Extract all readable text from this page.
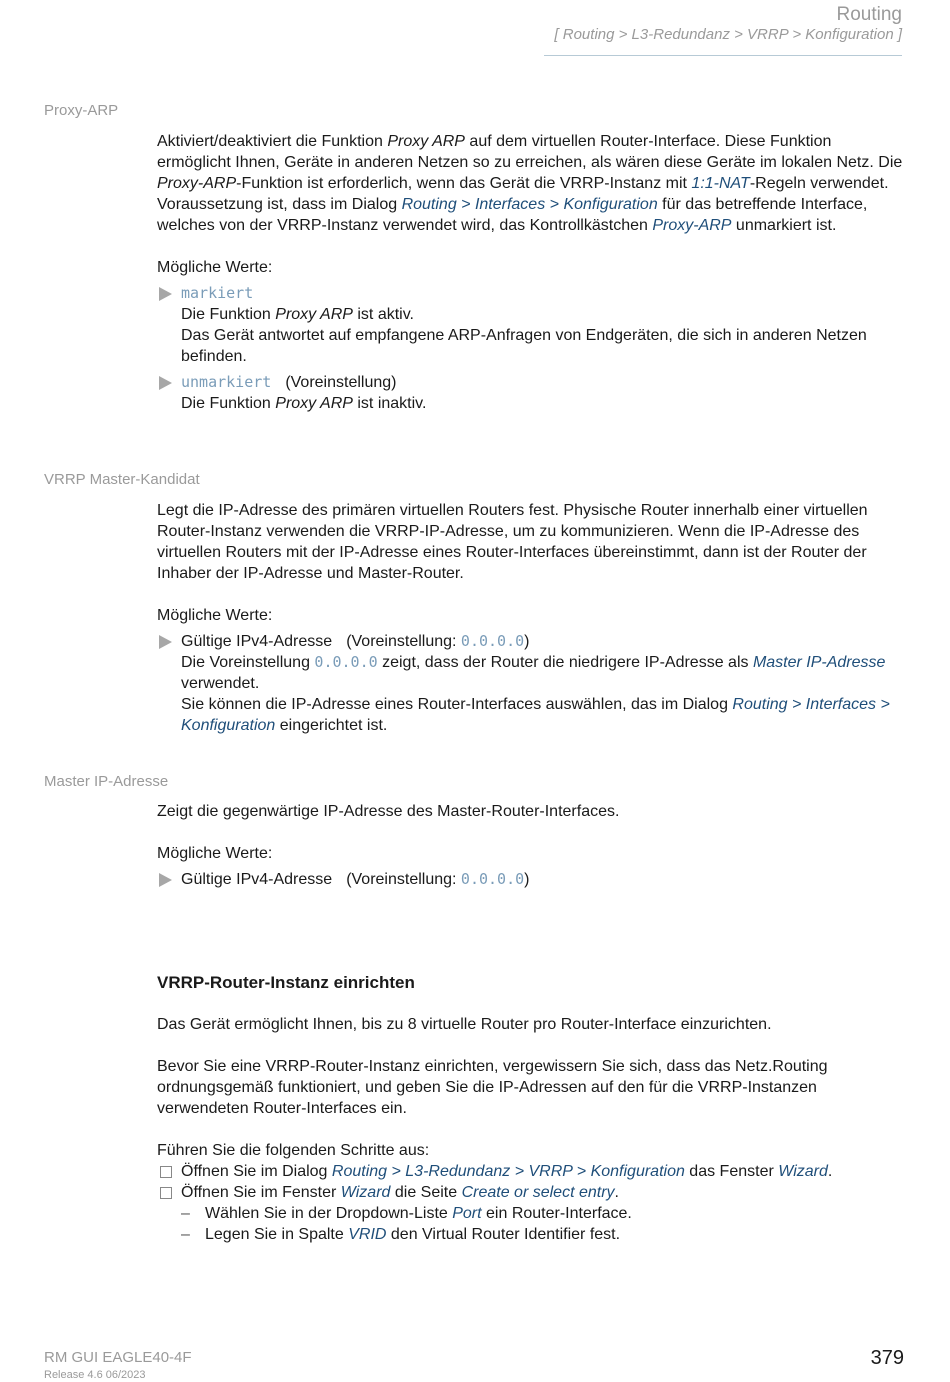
Routing
[ Routing > L3-Redundanz > VRRP > Konfiguration ]
Proxy-ARP

Aktiviert/deaktiviert die Funktion Proxy ARP auf dem virtuellen Router-Interface. Diese Funktion ermöglicht Ihnen, Geräte in anderen Netzen so zu erreichen, als wären diese Geräte im lokalen Netz. Die Proxy-ARP-Funktion ist erforderlich, wenn das Gerät die VRRP-Instanz mit 1:1-NAT-Regeln verwendet. Voraussetzung ist, dass im Dialog Routing > Interfaces > Konfiguration für das betreffende Interface, welches von der VRRP-Instanz verwendet wird, das Kontrollkästchen Proxy-ARP unmarkiert ist.

Mögliche Werte:

markiert
Die Funktion Proxy ARP ist aktiv.
Das Gerät antwortet auf empfangene ARP-Anfragen von Endgeräten, die sich in anderen Netzen befinden.
unmarkiert (Voreinstellung)
Die Funktion Proxy ARP ist inaktiv.
VRRP Master-Kandidat

Legt die IP-Adresse des primären virtuellen Routers fest. Physische Router innerhalb einer virtuellen Router-Instanz verwenden die VRRP-IP-Adresse, um zu kommunizieren. Wenn die IP-Adresse des virtuellen Routers mit der IP-Adresse eines Router-Interfaces übereinstimmt, dann ist der Router der Inhaber der IP-Adresse und Master-Router.

Mögliche Werte:

Gültige IPv4-Adresse (Voreinstellung: 0.0.0.0)
Die Voreinstellung 0.0.0.0 zeigt, dass der Router die niedrigere IP-Adresse als Master IP-Adresse verwendet.
Sie können die IP-Adresse eines Router-Interfaces auswählen, das im Dialog Routing > Interfaces > Konfiguration eingerichtet ist.
Master IP-Adresse

Zeigt die gegenwärtige IP-Adresse des Master-Router-Interfaces.

Mögliche Werte:

Gültige IPv4-Adresse (Voreinstellung: 0.0.0.0)
VRRP-Router-Instanz einrichten

Das Gerät ermöglicht Ihnen, bis zu 8 virtuelle Router pro Router-Interface einzurichten.

Bevor Sie eine VRRP-Router-Instanz einrichten, vergewissern Sie sich, dass das Netz.Routing ordnungsgemäß funktioniert, und geben Sie die IP-Adressen auf den für die VRRP-Instanzen verwendeten Router-Interfaces ein.

Führen Sie die folgenden Schritte aus:

Öffnen Sie im Dialog Routing > L3-Redundanz > VRRP > Konfiguration das Fenster Wizard.
Öffnen Sie im Fenster Wizard die Seite Create or select entry.
– Wählen Sie in der Dropdown-Liste Port ein Router-Interface.
– Legen Sie in Spalte VRID den Virtual Router Identifier fest.
RM GUI EAGLE40-4F
Release 4.6 06/2023
379
